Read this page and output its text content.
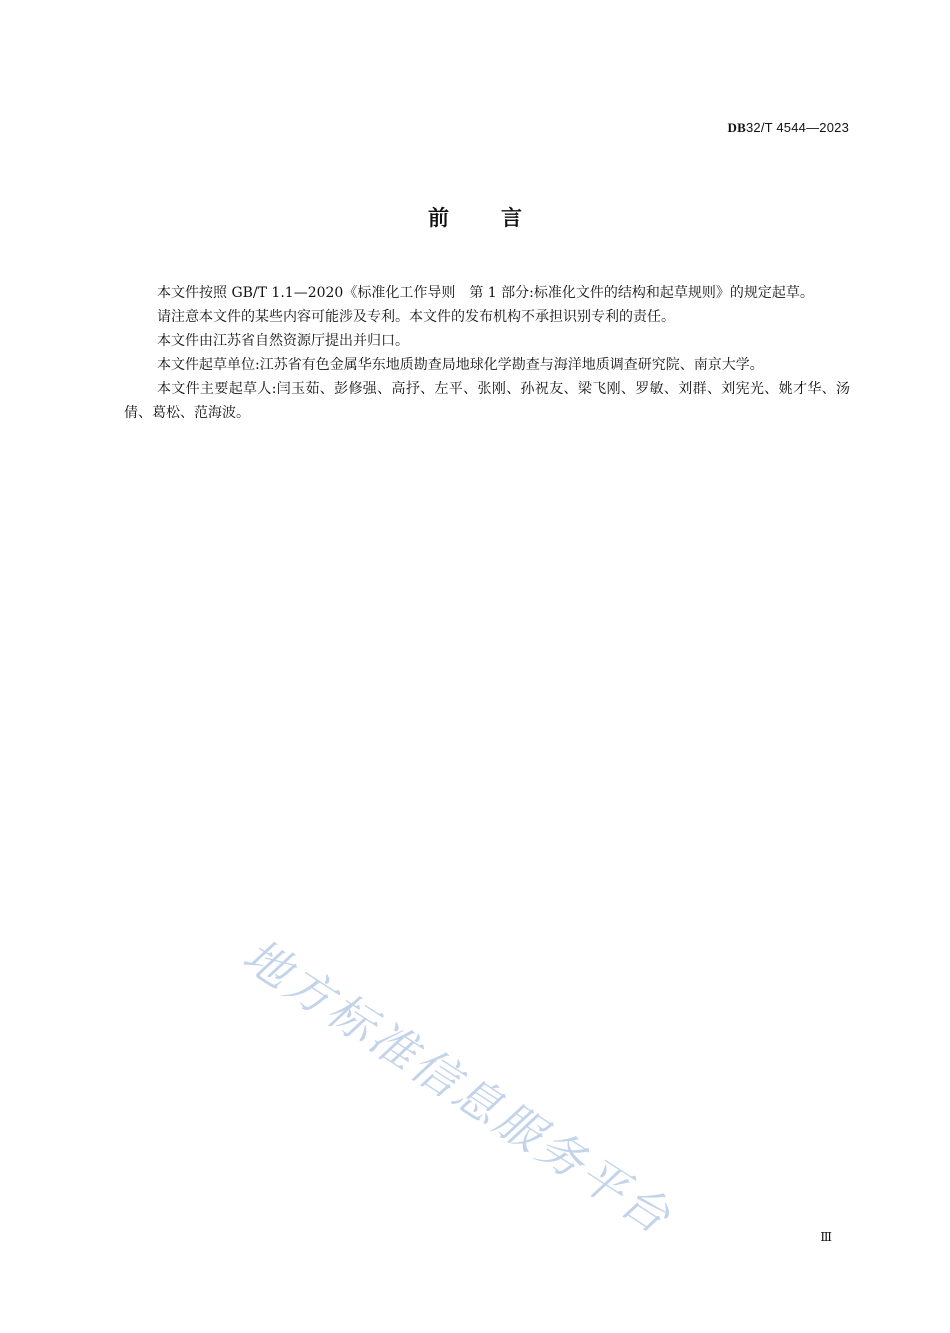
DB32/T 4544—2023
前言

本文件按照 GB/T 1.1—2020《标准化工作导则　第 1 部分:标准化文件的结构和起草规则》的规定起草。

请注意本文件的某些内容可能涉及专利。本文件的发布机构不承担识别专利的责任。

本文件由江苏省自然资源厅提出并归口。

本文件起草单位:江苏省有色金属华东地质勘查局地球化学勘查与海洋地质调查研究院、南京大学。

本文件主要起草人:闫玉茹、彭修强、高抒、左平、张刚、孙祝友、梁飞刚、罗敏、刘群、刘宪光、姚才华、汤倩、葛松、范海波。

地方标准信息服务平台	Ⅲ
